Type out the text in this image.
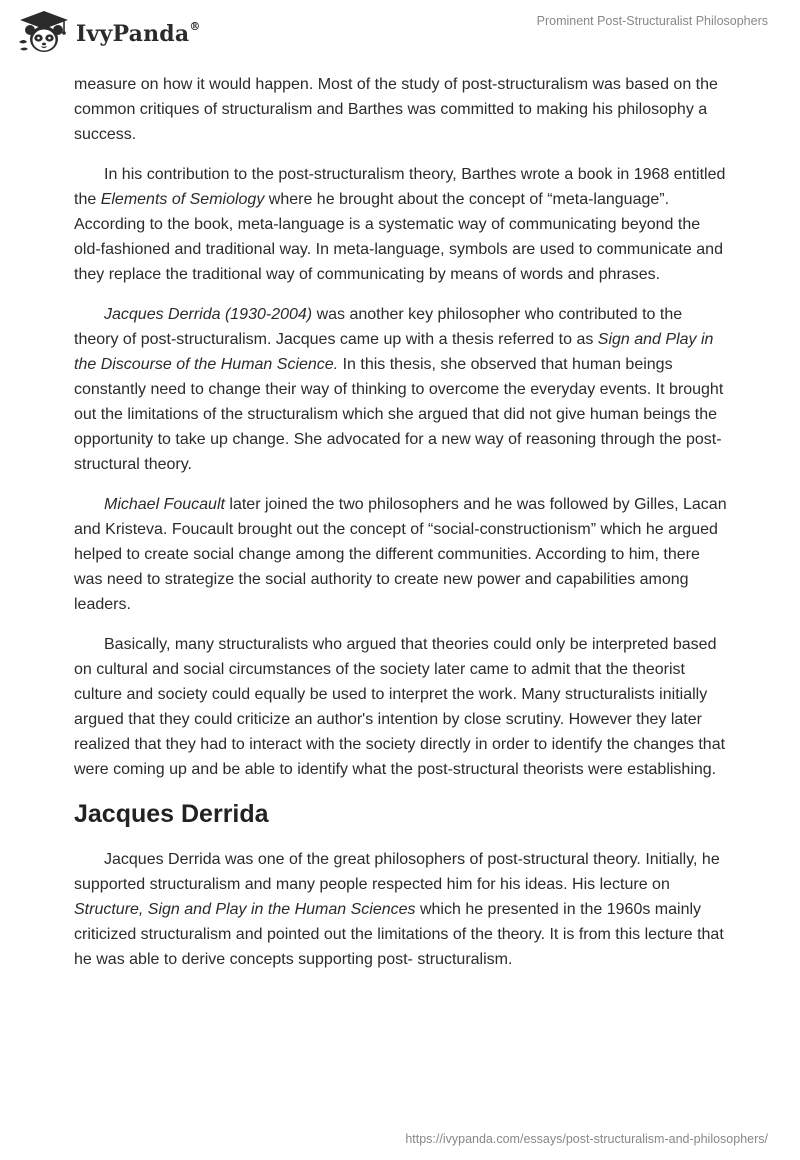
IvyPanda®	Prominent Post-Structuralist Philosophers

measure on how it would happen. Most of the study of post-structuralism was based on the common critiques of structuralism and Barthes was committed to making his philosophy a success.

In his contribution to the post-structuralism theory, Barthes wrote a book in 1968 entitled the Elements of Semiology where he brought about the concept of “meta-language”. According to the book, meta-language is a systematic way of communicating beyond the old-fashioned and traditional way. In meta-language, symbols are used to communicate and they replace the traditional way of communicating by means of words and phrases.

Jacques Derrida (1930-2004) was another key philosopher who contributed to the theory of post-structuralism. Jacques came up with a thesis referred to as Sign and Play in the Discourse of the Human Science. In this thesis, she observed that human beings constantly need to change their way of thinking to overcome the everyday events. It brought out the limitations of the structuralism which she argued that did not give human beings the opportunity to take up change. She advocated for a new way of reasoning through the post-structural theory.

Michael Foucault later joined the two philosophers and he was followed by Gilles, Lacan and Kristeva. Foucault brought out the concept of “social-constructionism” which he argued helped to create social change among the different communities. According to him, there was need to strategize the social authority to create new power and capabilities among leaders.

Basically, many structuralists who argued that theories could only be interpreted based on cultural and social circumstances of the society later came to admit that the theorist culture and society could equally be used to interpret the work. Many structuralists initially argued that they could criticize an author's intention by close scrutiny. However they later realized that they had to interact with the society directly in order to identify the changes that were coming up and be able to identify what the post-structural theorists were establishing.

Jacques Derrida

Jacques Derrida was one of the great philosophers of post-structural theory. Initially, he supported structuralism and many people respected him for his ideas. His lecture on Structure, Sign and Play in the Human Sciences which he presented in the 1960s mainly criticized structuralism and pointed out the limitations of the theory. It is from this lecture that he was able to derive concepts supporting post- structuralism.

https://ivypanda.com/essays/post-structuralism-and-philosophers/
